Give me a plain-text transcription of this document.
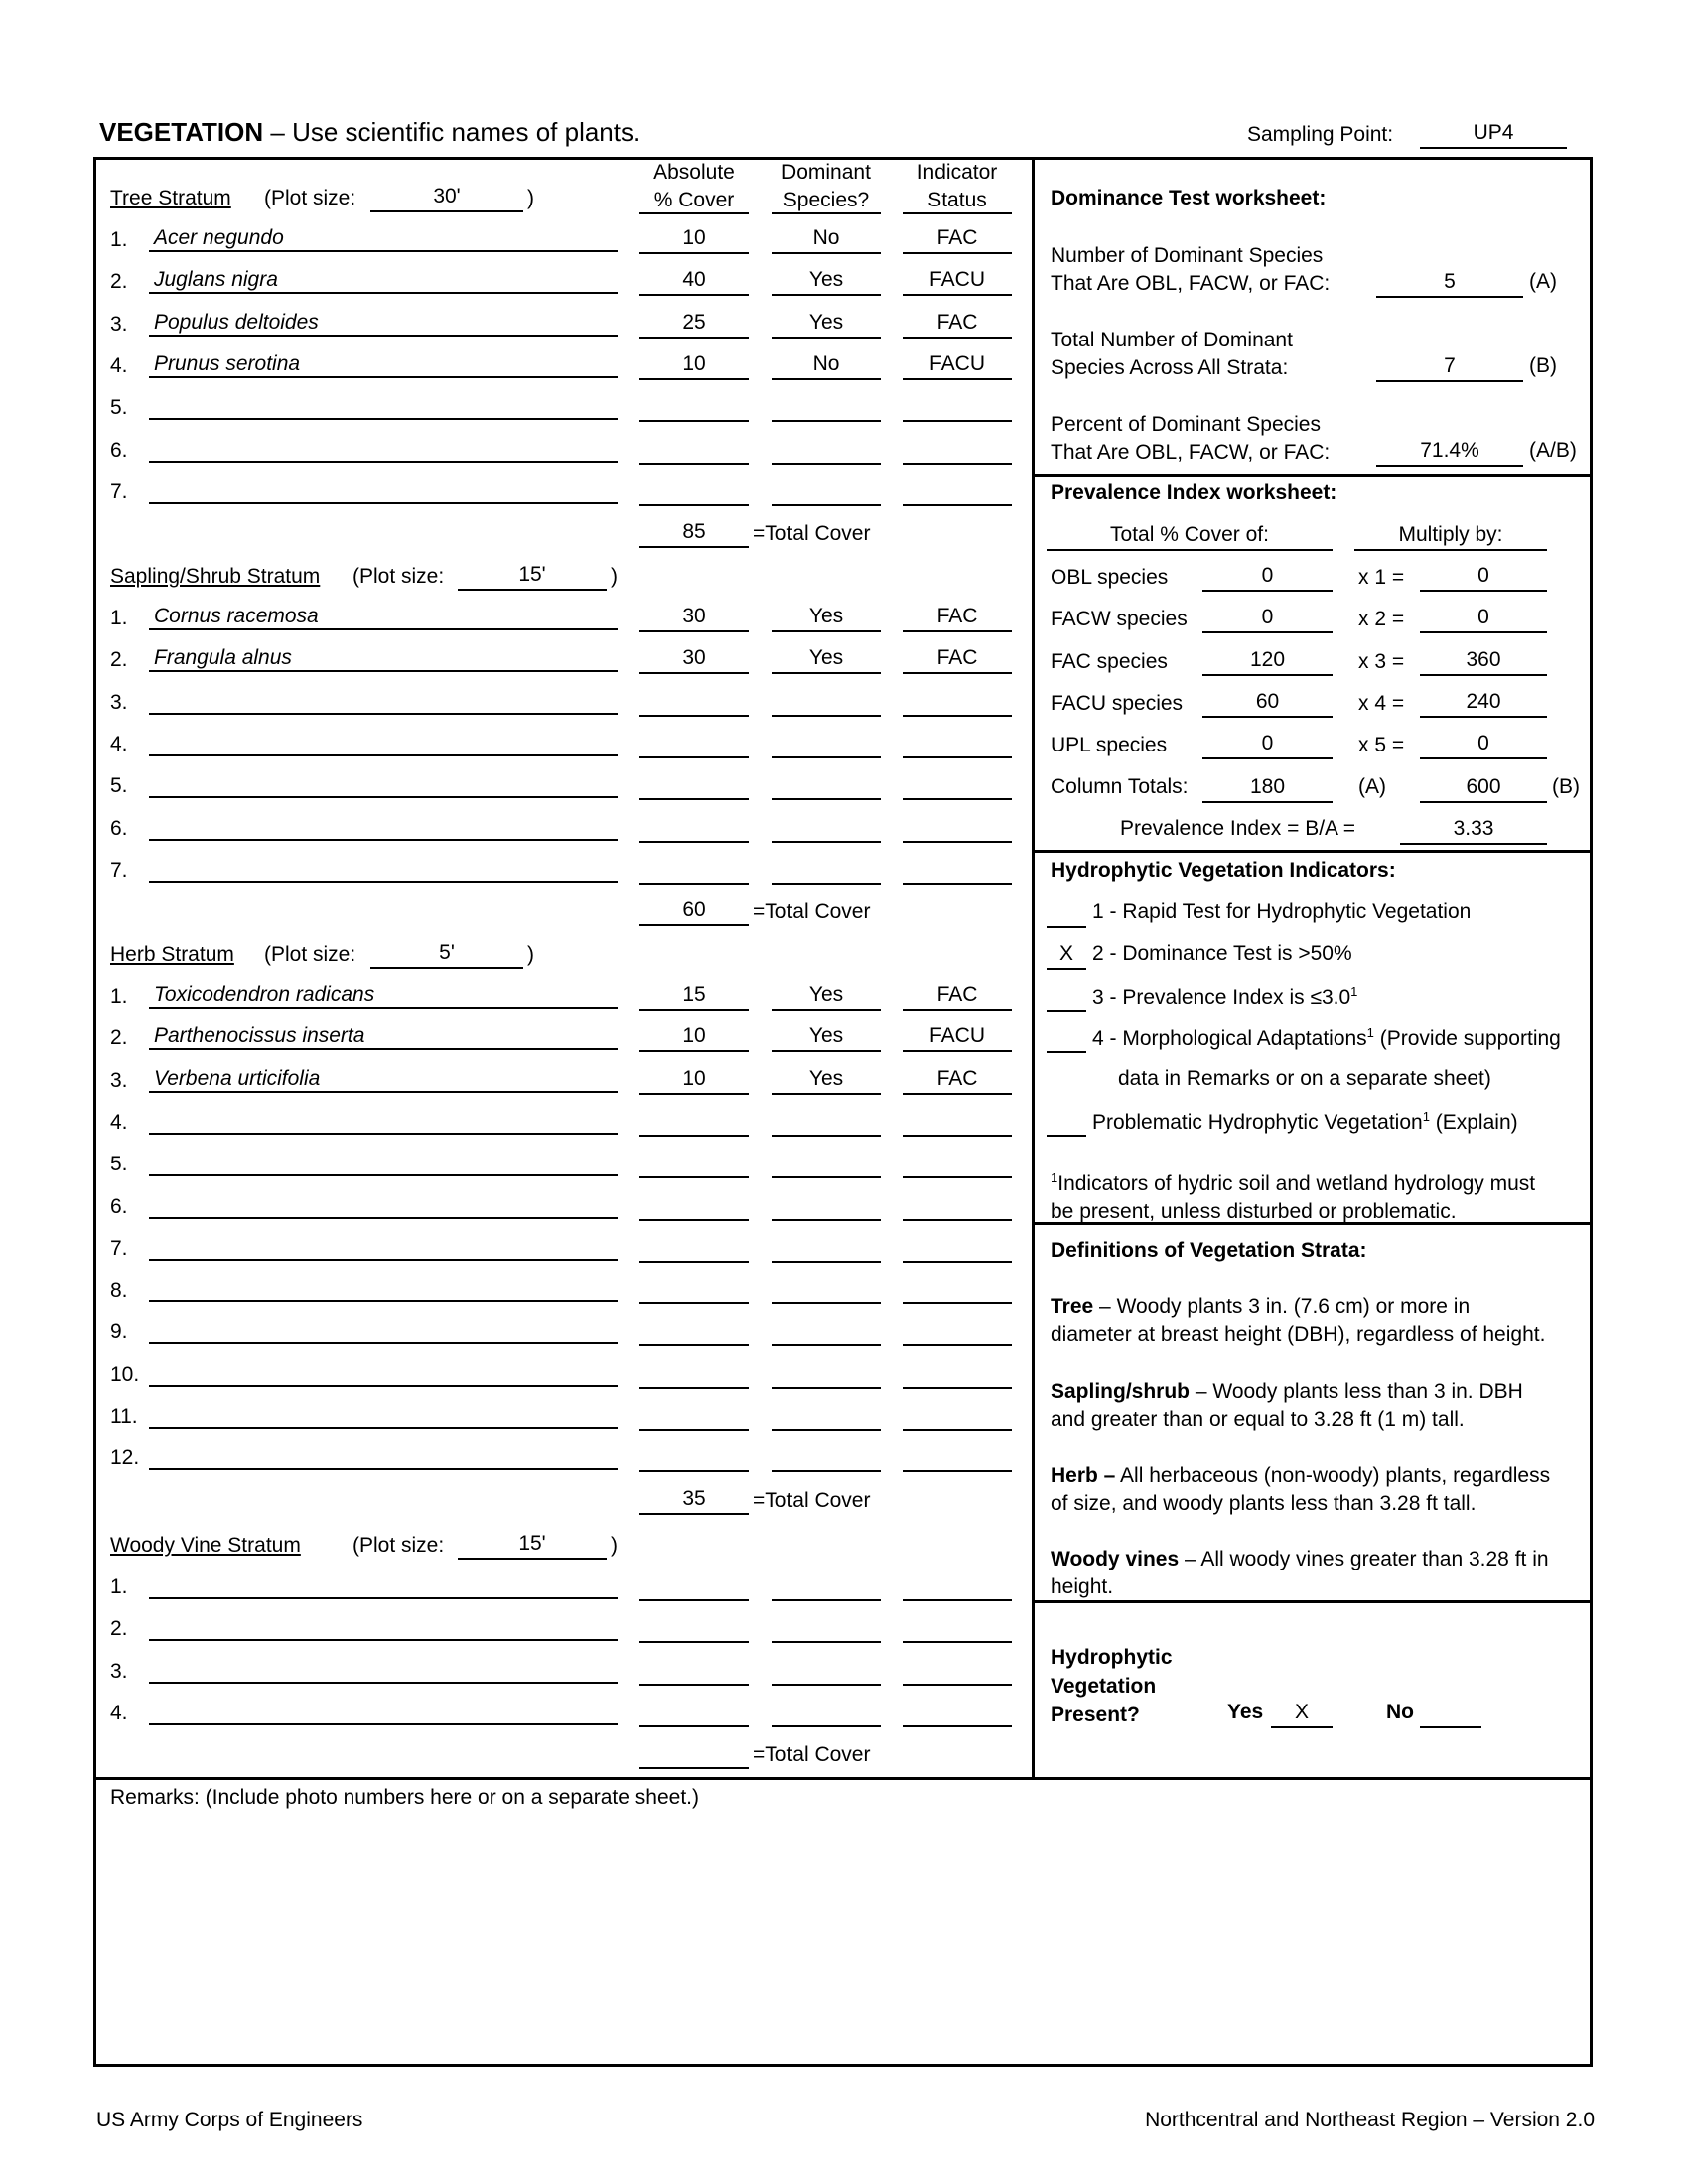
VEGETATION – Use scientific names of plants.	Sampling Point:	UP4
Absolute
% Cover
Dominant
Species?
Indicator
Status
Tree Stratum (Plot size:	30'	)
1. Acer negundo	10	No	FAC
2. Juglans nigra	40	Yes	FACU
3. Populus deltoides	25	Yes	FAC
4. Prunus serotina	10	No	FACU
5.
6.
7.
85	=Total Cover
Sapling/Shrub Stratum (Plot size:	15'	)
1. Cornus racemosa	30	Yes	FAC
2. Frangula alnus	30	Yes	FAC
3.
4.
5.
6.
7.
60	=Total Cover
Herb Stratum (Plot size:	5'	)
1. Toxicodendron radicans	15	Yes	FAC
2. Parthenocissus inserta	10	Yes	FACU
3. Verbena urticifolia	10	Yes	FAC
4.
5.
6.
7.
8.
9.
10.
11.
12.
35	=Total Cover
Woody Vine Stratum (Plot size:	15'	)
1.
2.
3.
4.
=Total Cover
Dominance Test worksheet:
Number of Dominant Species
That Are OBL, FACW, or FAC:	5	(A)
Total Number of Dominant
Species Across All Strata:	7	(B)
Percent of Dominant Species
That Are OBL, FACW, or FAC:	71.4%	(A/B)
Prevalence Index worksheet:
Total % Cover of:	Multiply by:
OBL species	0	x 1 =	0
FACW species	0	x 2 =	0
FAC species	120	x 3 =	360
FACU species	60	x 4 =	240
UPL species	0	x 5 =	0
Column Totals:	180	(A)	600	(B)
Prevalence Index = B/A =	3.33
Hydrophytic Vegetation Indicators:
1 - Rapid Test for Hydrophytic Vegetation
X 2 - Dominance Test is >50%
3 - Prevalence Index is $\le 3.0^1$
4 - Morphological Adaptations$^1$ (Provide supporting
Problematic Hydrophytic Vegetation$^1$ (Explain)
data in Remarks or on a separate sheet)
$^1$Indicators of hydric soil and wetland hydrology must
be present, unless disturbed or problematic.
Definitions of Vegetation Strata:
Tree – Woody plants 3 in. (7.6 cm) or more in
diameter at breast height (DBH), regardless of height.
Sapling/shrub – Woody plants less than 3 in. DBH
and greater than or equal to 3.28 ft (1 m) tall.
Herb – All herbaceous (non-woody) plants, regardless
of size, and woody plants less than 3.28 ft tall.
Woody vines – All woody vines greater than 3.28 ft in
height.
Hydrophytic
Vegetation
Present?	Yes	X	No
Remarks: (Include photo numbers here or on a separate sheet.)
US Army Corps of Engineers	Northcentral and Northeast Region – Version 2.0
